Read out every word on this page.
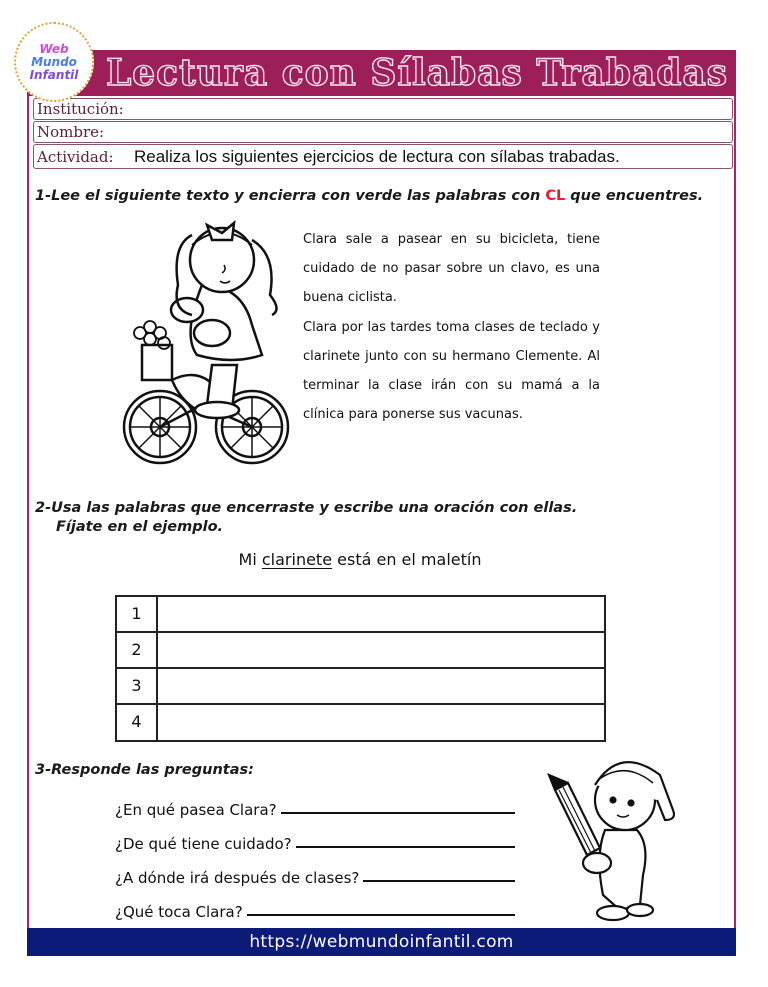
Lectura con Sílabas Trabadas
Web
Mundo
Infantil
Institución:
Nombre:
Actividad: Realiza los siguientes ejercicios de lectura con sílabas trabadas.
1-Lee el siguiente texto y encierra con verde las palabras con CL que encuentres.

Clara sale a pasear en su bicicleta, tiene cuidado de no pasar sobre un clavo, es una buena ciclista.

Clara por las tardes toma clases de teclado y clarinete junto con su hermano Clemente. Al terminar la clase irán con su mamá a la clínica para ponerse sus vacunas.

2-Usa las palabras que encerraste y escribe una oración con ellas.
Fíjate en el ejemplo.
Mi clarinete está en el maletín
1
2
3
4
3-Responde las preguntas:
¿En qué pasea Clara?
¿De qué tiene cuidado?
¿A dónde irá después de clases?
¿Qué toca Clara?
https://webmundoinfantil.com
